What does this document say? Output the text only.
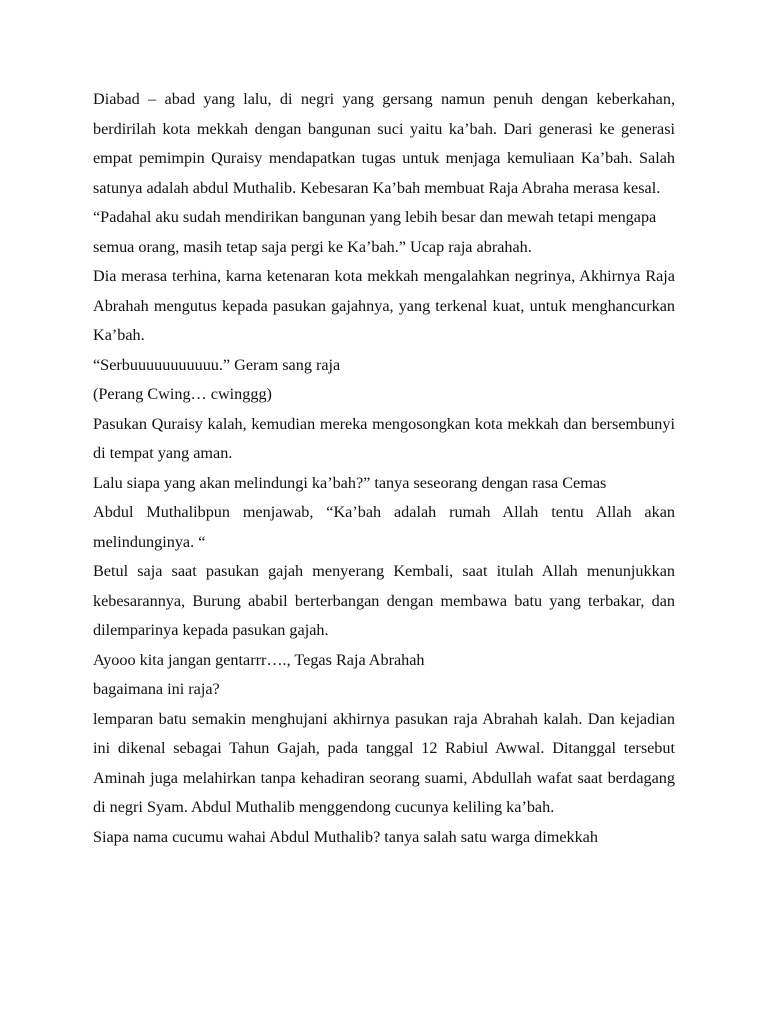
Diabad – abad yang lalu, di negri yang gersang namun penuh dengan keberkahan, berdirilah kota mekkah dengan bangunan suci yaitu ka’bah. Dari generasi ke generasi empat pemimpin Quraisy mendapatkan tugas untuk menjaga kemuliaan Ka’bah. Salah satunya adalah abdul Muthalib. Kebesaran Ka’bah membuat Raja Abraha merasa kesal.

“Padahal aku sudah mendirikan bangunan yang lebih besar dan mewah tetapi mengapa semua orang, masih tetap saja pergi ke Ka’bah.” Ucap raja abrahah.

Dia merasa terhina, karna ketenaran kota mekkah mengalahkan negrinya, Akhirnya Raja Abrahah mengutus kepada pasukan gajahnya, yang terkenal kuat, untuk menghancurkan Ka’bah.

“Serbuuuuuuuuuuu.” Geram sang raja

(Perang Cwing… cwinggg)

Pasukan Quraisy kalah, kemudian mereka mengosongkan kota mekkah dan bersembunyi di tempat yang aman.

Lalu siapa yang akan melindungi ka’bah?” tanya seseorang dengan rasa Cemas

Abdul Muthalibpun menjawab, “Ka’bah adalah rumah Allah tentu Allah akan melindunginya. “

Betul saja saat pasukan gajah menyerang Kembali, saat itulah Allah menunjukkan kebesarannya, Burung ababil berterbangan dengan membawa batu yang terbakar, dan dilemparinya kepada pasukan gajah.

Ayooo kita jangan gentarrr…., Tegas Raja Abrahah

bagaimana ini raja?

lemparan batu semakin menghujani akhirnya pasukan raja Abrahah kalah. Dan kejadian ini dikenal sebagai Tahun Gajah, pada tanggal 12 Rabiul Awwal. Ditanggal tersebut Aminah juga melahirkan tanpa kehadiran seorang suami, Abdullah wafat saat berdagang di negri Syam. Abdul Muthalib menggendong cucunya keliling ka’bah.

Siapa nama cucumu wahai Abdul Muthalib? tanya salah satu warga dimekkah
